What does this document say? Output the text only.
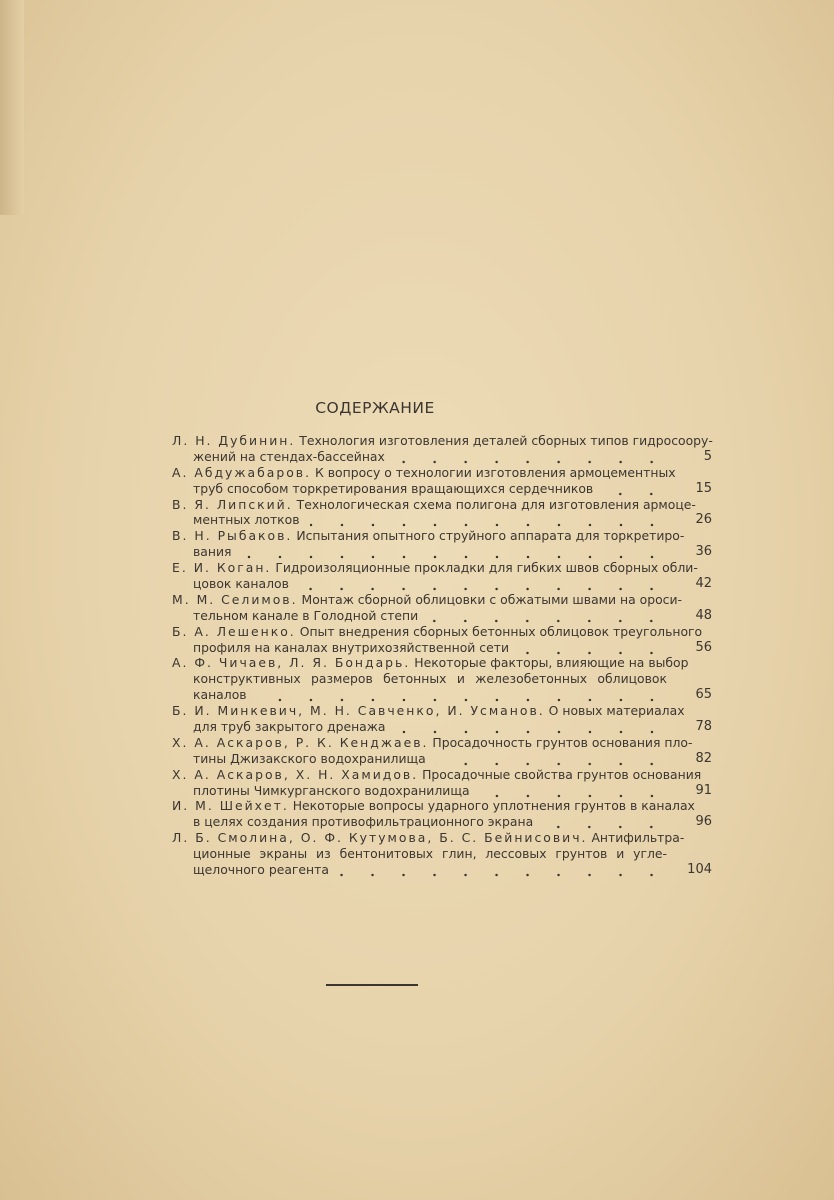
СОДЕРЖАНИЕ
Л. Н. Дубинин. Технология изготовления деталей сборных типов гидросоору-
жений на стендах-бассейнах	5
А. Абдужабаров. К вопросу о технологии изготовления армоцементных
труб способом торкретирования вращающихся сердечников	15
В. Я. Липский. Технологическая схема полигона для изготовления армоце-
ментных лотков	26
В. Н. Рыбаков. Испытания опытного струйного аппарата для торкретиро-
вания	36
Е. И. Коган. Гидроизоляционные прокладки для гибких швов сборных обли-
цовок каналов	42
М. М. Селимов. Монтаж сборной облицовки с обжатыми швами на ороси-
тельном канале в Голодной степи	48
Б. А. Лешенко. Опыт внедрения сборных бетонных облицовок треугольного
профиля на каналах внутрихозяйственной сети	56
А. Ф. Чичаев, Л. Я. Бондарь. Некоторые факторы, влияющие на выбор
конструктивных размеров бетонных и железобетонных облицовок
каналов	65
Б. И. Минкевич, М. Н. Савченко, И. Усманов. О новых материалах
для труб закрытого дренажа	78
Х. А. Аскаров, Р. К. Кенджаев. Просадочность грунтов основания пло-
тины Джизакского водохранилища	82
Х. А. Аскаров, Х. Н. Хамидов. Просадочные свойства грунтов основания
плотины Чимкурганского водохранилища	91
И. М. Шейхет. Некоторые вопросы ударного уплотнения грунтов в каналах
в целях создания противофильтрационного экрана	96
Л. Б. Смолина, О. Ф. Кутумова, Б. С. Бейнисович. Антифильтра-
ционные экраны из бентонитовых глин, лессовых грунтов и угле-
щелочного реагента	104
